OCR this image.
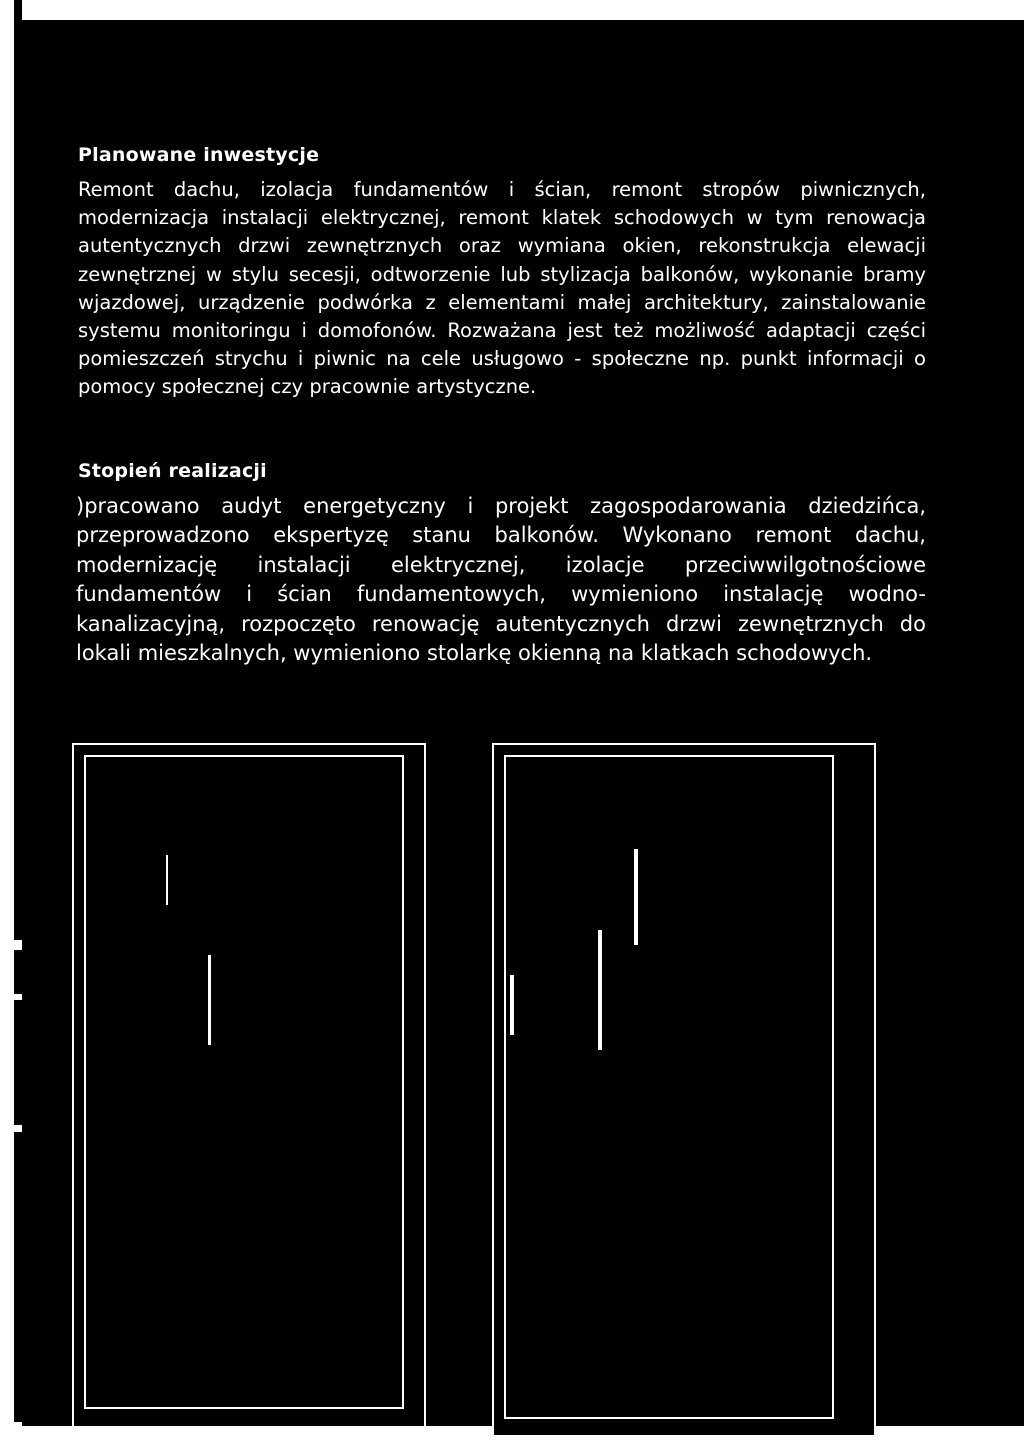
Planowane inwestycje

Remont dachu, izolacja fundamentów i ścian, remont stropów piwnicznych, modernizacja instalacji elektrycznej, remont klatek schodowych w tym renowacja autentycznych drzwi zewnętrznych oraz wymiana okien, rekonstrukcja elewacji zewnętrznej w stylu secesji, odtworzenie lub stylizacja balkonów, wykonanie bramy wjazdowej, urządzenie podwórka z elementami małej architektury, zainstalowanie systemu monitoringu i domofonów. Rozważana jest też możliwość adaptacji części pomieszczeń strychu i piwnic na cele usługowo - społeczne np. punkt informacji o pomocy społecznej czy pracownie artystyczne.

Stopień realizacji

)pracowano audyt energetyczny i projekt zagospodarowania dziedzińca, przeprowadzono ekspertyzę stanu balkonów. Wykonano remont dachu, modernizację instalacji elektrycznej, izolacje przeciwwilgotnościowe fundamentów i ścian fundamentowych, wymieniono instalację wodno-kanalizacyjną, rozpoczęto renowację autentycznych drzwi zewnętrznych do lokali mieszkalnych, wymieniono stolarkę okienną na klatkach schodowych.
